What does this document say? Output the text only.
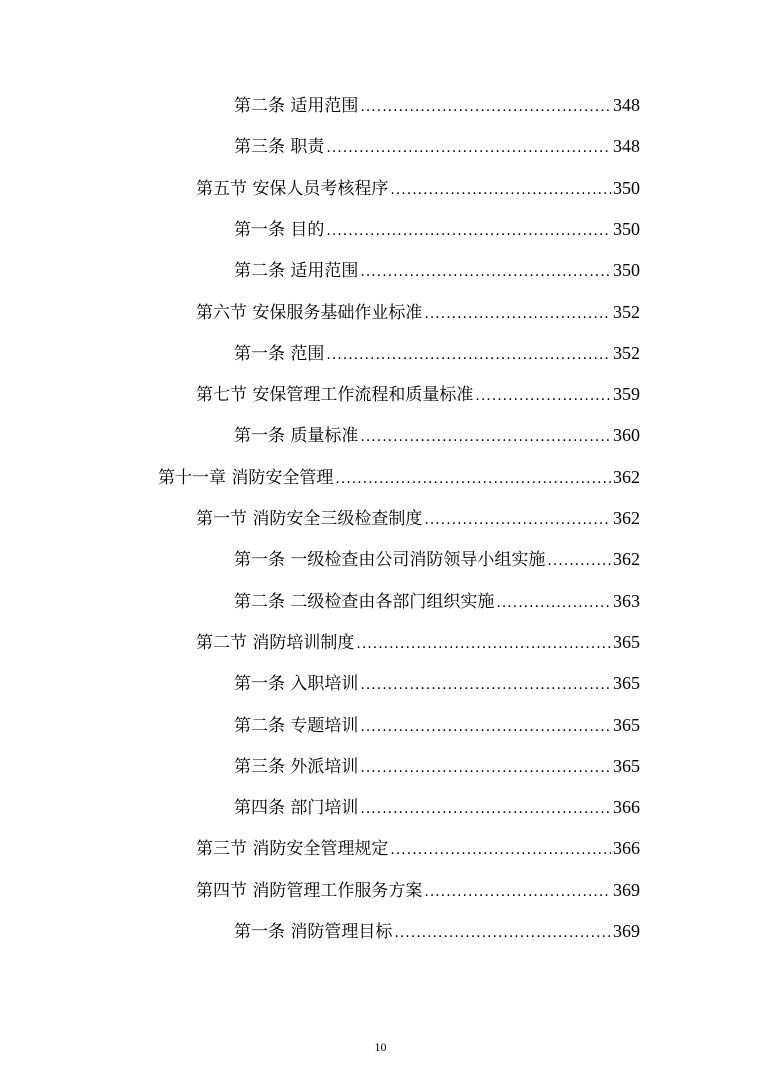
第二条 适用范围 .....	348
第三条 职责 .....	348
第五节 安保人员考核程序 .....	350
第一条 目的 .....	350
第二条 适用范围 .....	350
第六节 安保服务基础作业标准 .....	352
第一条 范围 .....	352
第七节 安保管理工作流程和质量标准 .....	359
第一条 质量标准 .....	360
第十一章 消防安全管理 .....	362
第一节 消防安全三级检查制度 .....	362
第一条 一级检查由公司消防领导小组实施 .....	362
第二条 二级检查由各部门组织实施 .....	363
第二节 消防培训制度 .....	365
第一条 入职培训 .....	365
第二条 专题培训 .....	365
第三条 外派培训 .....	365
第四条 部门培训 .....	366
第三节 消防安全管理规定 .....	366
第四节 消防管理工作服务方案 .....	369
第一条 消防管理目标 .....	369
10
